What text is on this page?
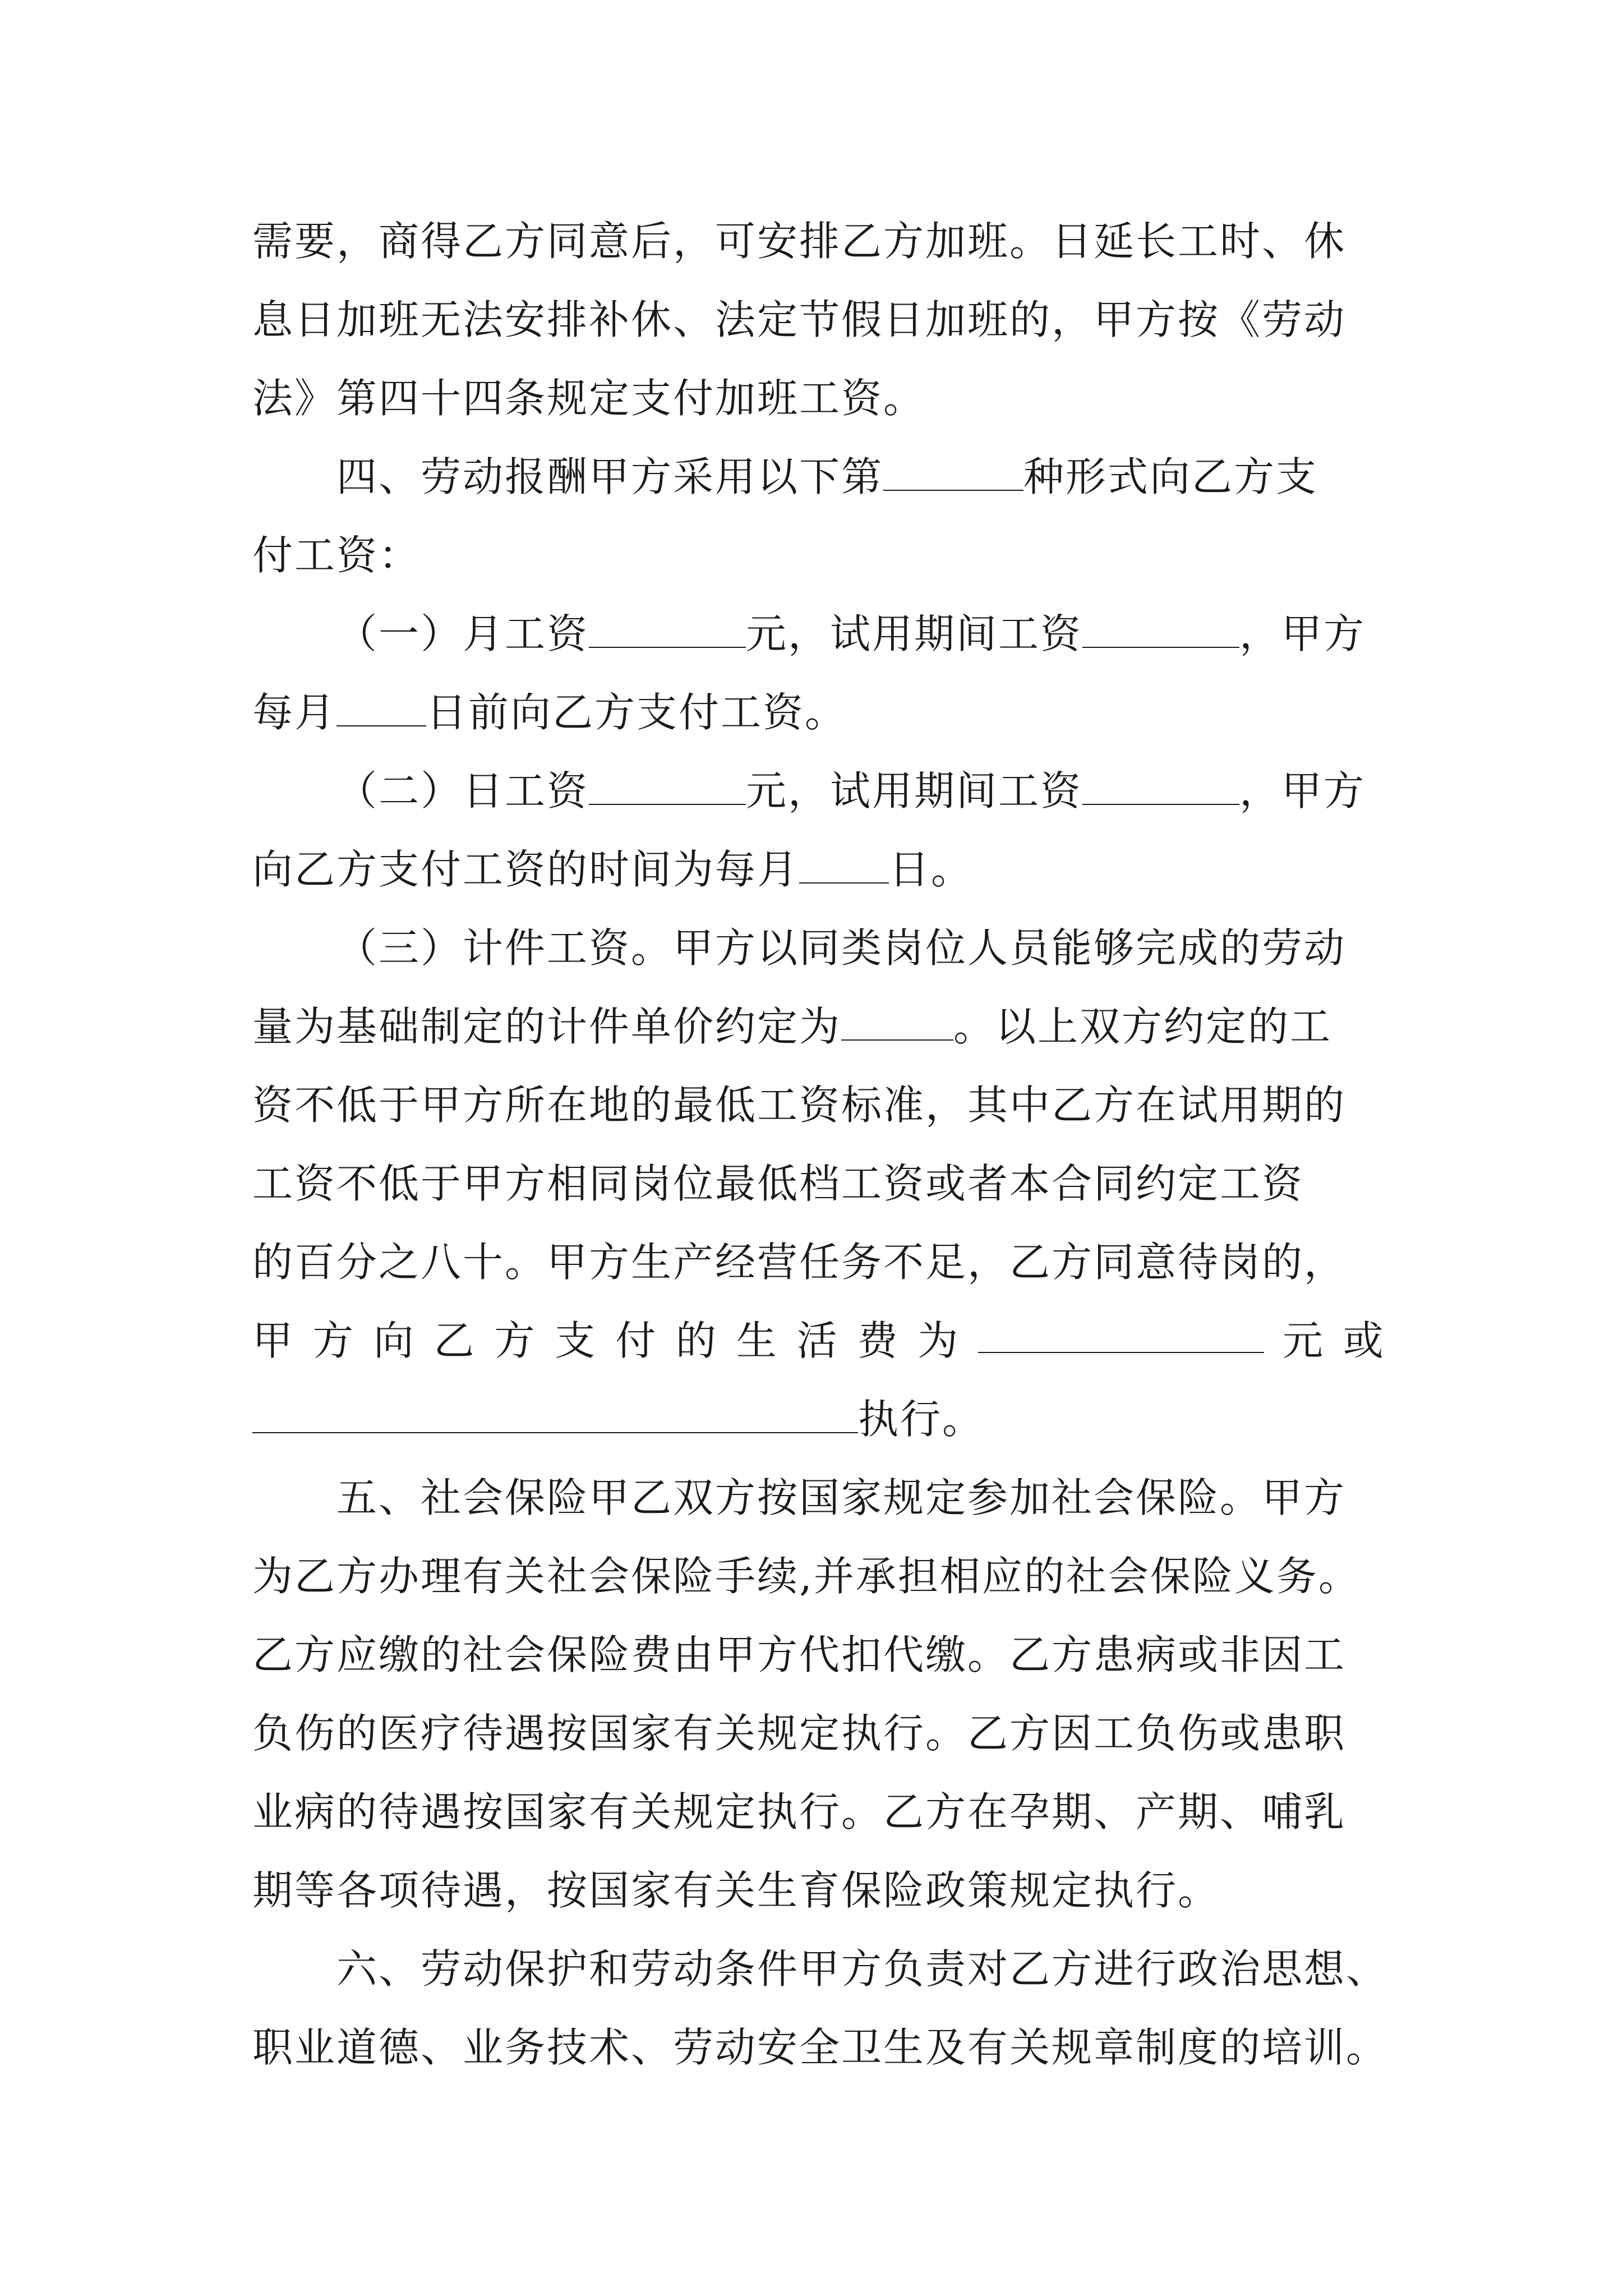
需要，商得乙方同意后，可安排乙方加班。日延长工时、休
息日加班无法安排补休、法定节假日加班的，甲方按《劳动
法》第四十四条规定支付加班工资。
四、劳动报酬甲方采用以下第	种形式向乙方支
付工资：
（一）月工资	元，试用期间工资	，甲方
每月 日前向乙方支付工资。
（二）日工资	元，试用期间工资	，甲方
向乙方支付工资的时间为每月 日。
（三）计件工资。甲方以同类岗位人员能够完成的劳动
量为基础制定的计件单价约定为	。以上双方约定的工
资不低于甲方所在地的最低工资标准，其中乙方在试用期的
工资不低于甲方相同岗位最低档工资或者本合同约定工资
的百分之八十。甲方生产经营任务不足，乙方同意待岗的，
甲 方 向 乙 方 支 付 的 生 活 费 为	元 或
执行。
五、社会保险甲乙双方按国家规定参加社会保险。甲方
为乙方办理有关社会保险手续,并承担相应的社会保险义务。
乙方应缴的社会保险费由甲方代扣代缴。乙方患病或非因工
负伤的医疗待遇按国家有关规定执行。乙方因工负伤或患职
业病的待遇按国家有关规定执行。乙方在孕期、产期、哺乳
期等各项待遇，按国家有关生育保险政策规定执行。
六、劳动保护和劳动条件甲方负责对乙方进行政治思想、
职业道德、业务技术、劳动安全卫生及有关规章制度的培训。
